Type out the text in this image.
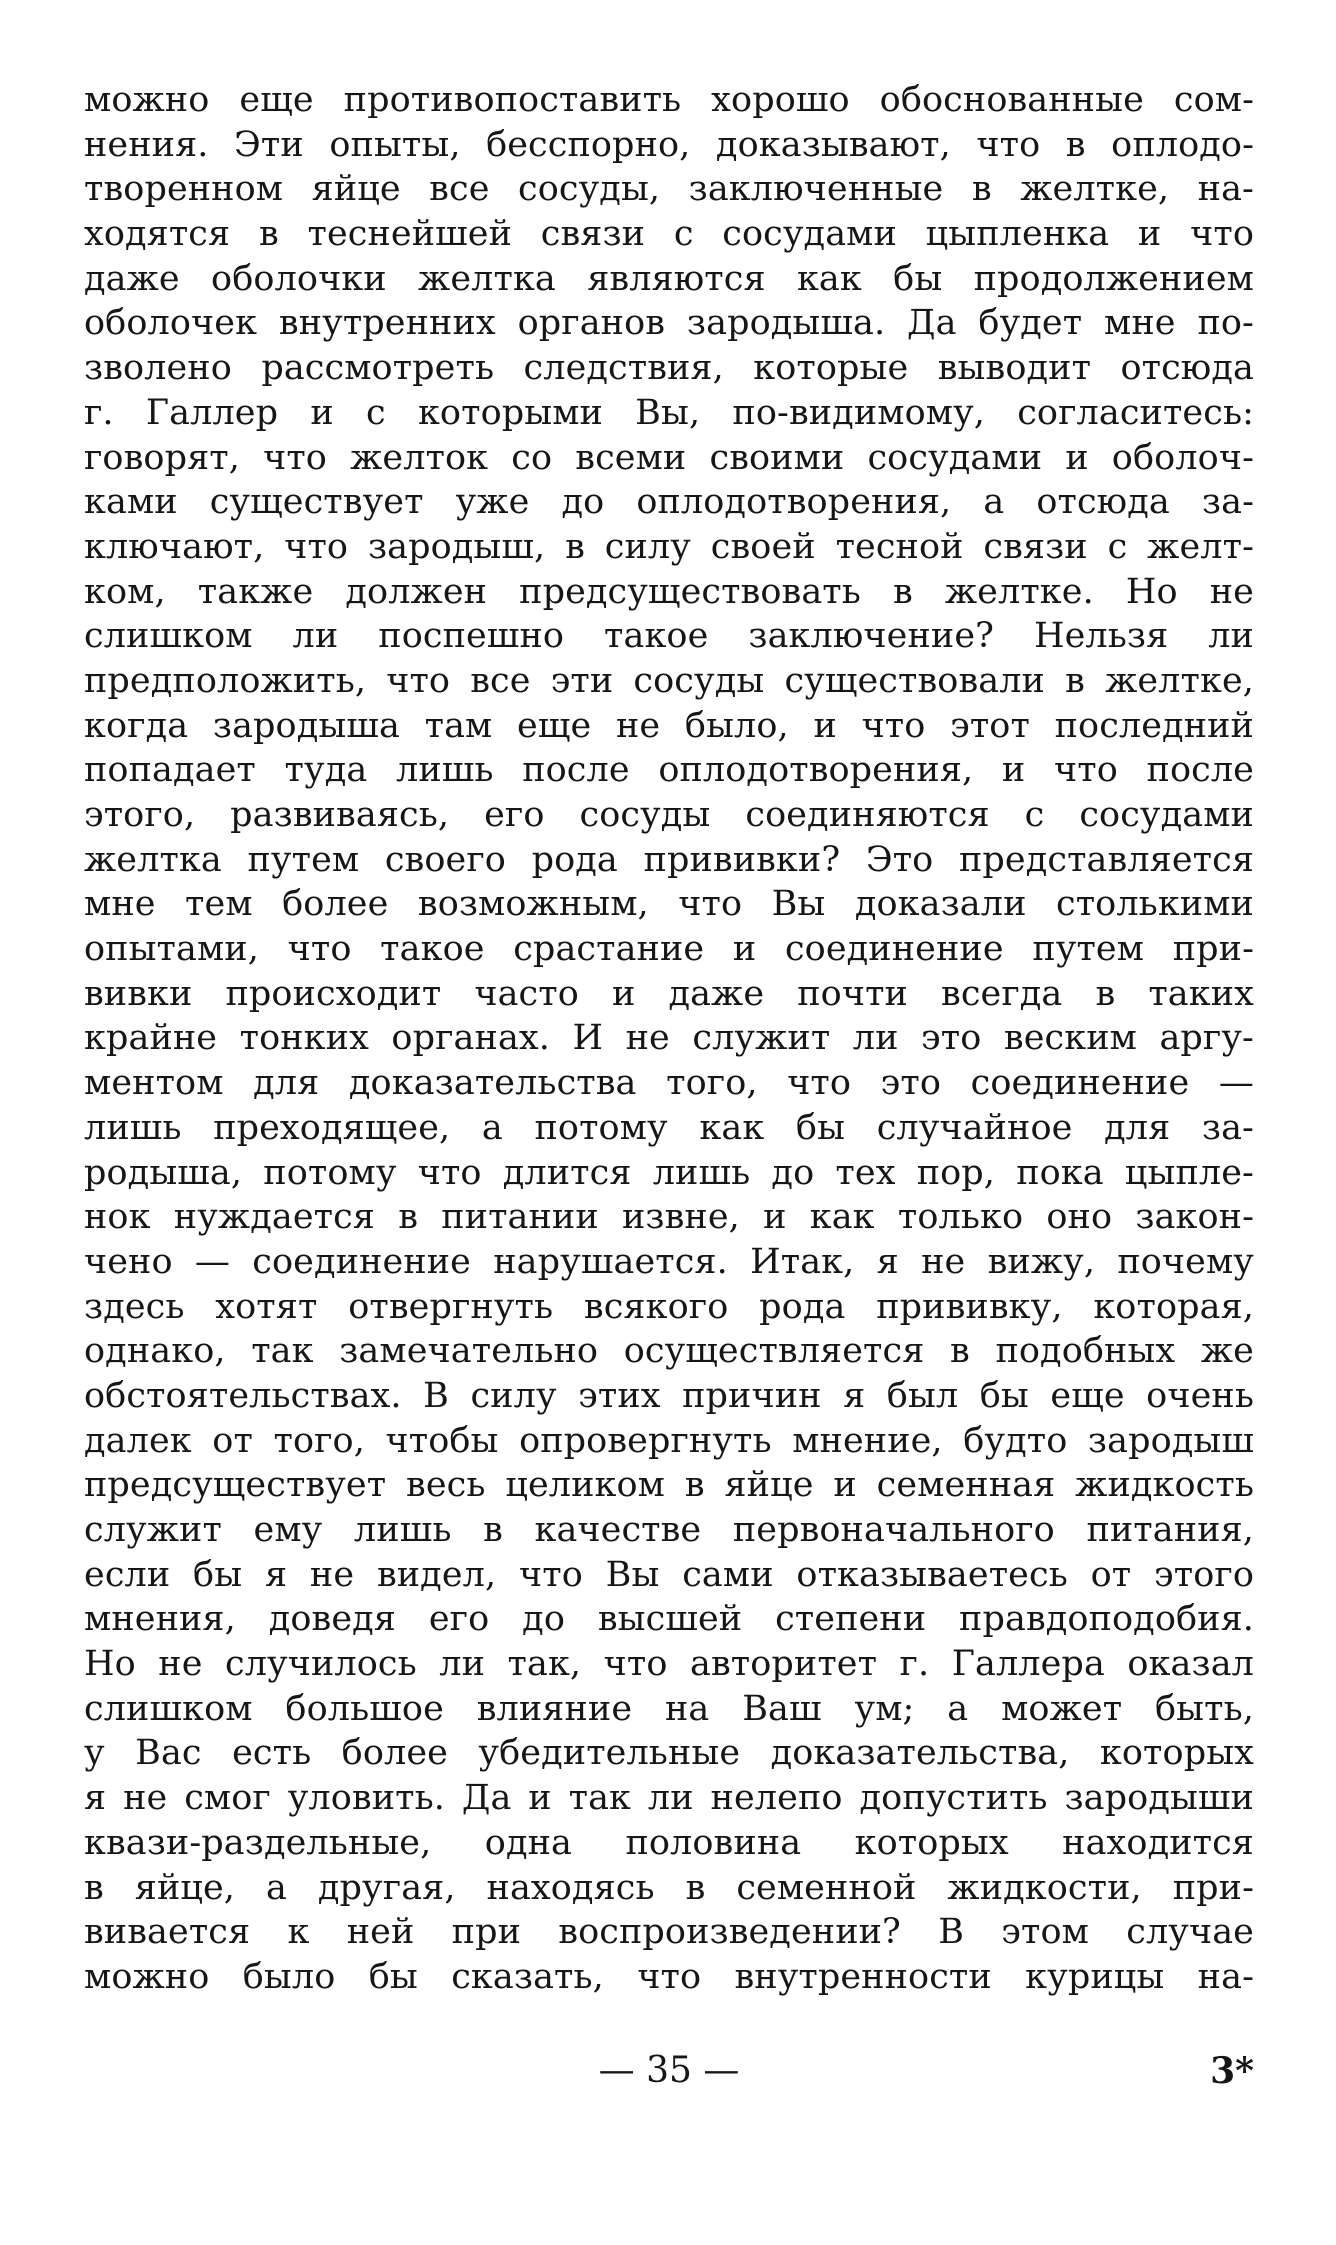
можно еще противопоставить хорошо обоснованные сом-
нения. Эти опыты, бесспорно, доказывают, что в оплодо-
творенном яйце все сосуды, заключенные в желтке, на-
ходятся в теснейшей связи с сосудами цыпленка и что
даже оболочки желтка являются как бы продолжением
оболочек внутренних органов зародыша. Да будет мне по-
зволено рассмотреть следствия, которые выводит отсюда
г. Галлер и с которыми Вы, по-видимому, согласитесь:
говорят, что желток со всеми своими сосудами и оболоч-
ками существует уже до оплодотворения, а отсюда за-
ключают, что зародыш, в силу своей тесной связи с желт-
ком, также должен предсуществовать в желтке. Но не
слишком ли поспешно такое заключение? Нельзя ли
предположить, что все эти сосуды существовали в желтке,
когда зародыша там еще не было, и что этот последний
попадает туда лишь после оплодотворения, и что после
этого, развиваясь, его сосуды соединяются с сосудами
желтка путем своего рода прививки? Это представляется
мне тем более возможным, что Вы доказали столькими
опытами, что такое срастание и соединение путем при-
вивки происходит часто и даже почти всегда в таких
крайне тонких органах. И не служит ли это веским аргу-
ментом для доказательства того, что это соединение —
лишь преходящее, а потому как бы случайное для за-
родыша, потому что длится лишь до тех пор, пока цыпле-
нок нуждается в питании извне, и как только оно закон-
чено — соединение нарушается. Итак, я не вижу, почему
здесь хотят отвергнуть всякого рода прививку, которая,
однако, так замечательно осуществляется в подобных же
обстоятельствах. В силу этих причин я был бы еще очень
далек от того, чтобы опровергнуть мнение, будто зародыш
предсуществует весь целиком в яйце и семенная жидкость
служит ему лишь в качестве первоначального питания,
если бы я не видел, что Вы сами отказываетесь от этого
мнения, доведя его до высшей степени правдоподобия.
Но не случилось ли так, что авторитет г. Галлера оказал
слишком большое влияние на Ваш ум; а может быть,
у Вас есть более убедительные доказательства, которых
я не смог уловить. Да и так ли нелепо допустить зародыши
квази-раздельные, одна половина которых находится
в яйце, а другая, находясь в семенной жидкости, при-
вивается к ней при воспроизведении? В этом случае
можно было бы сказать, что внутренности курицы на-
— 35 —	3*
